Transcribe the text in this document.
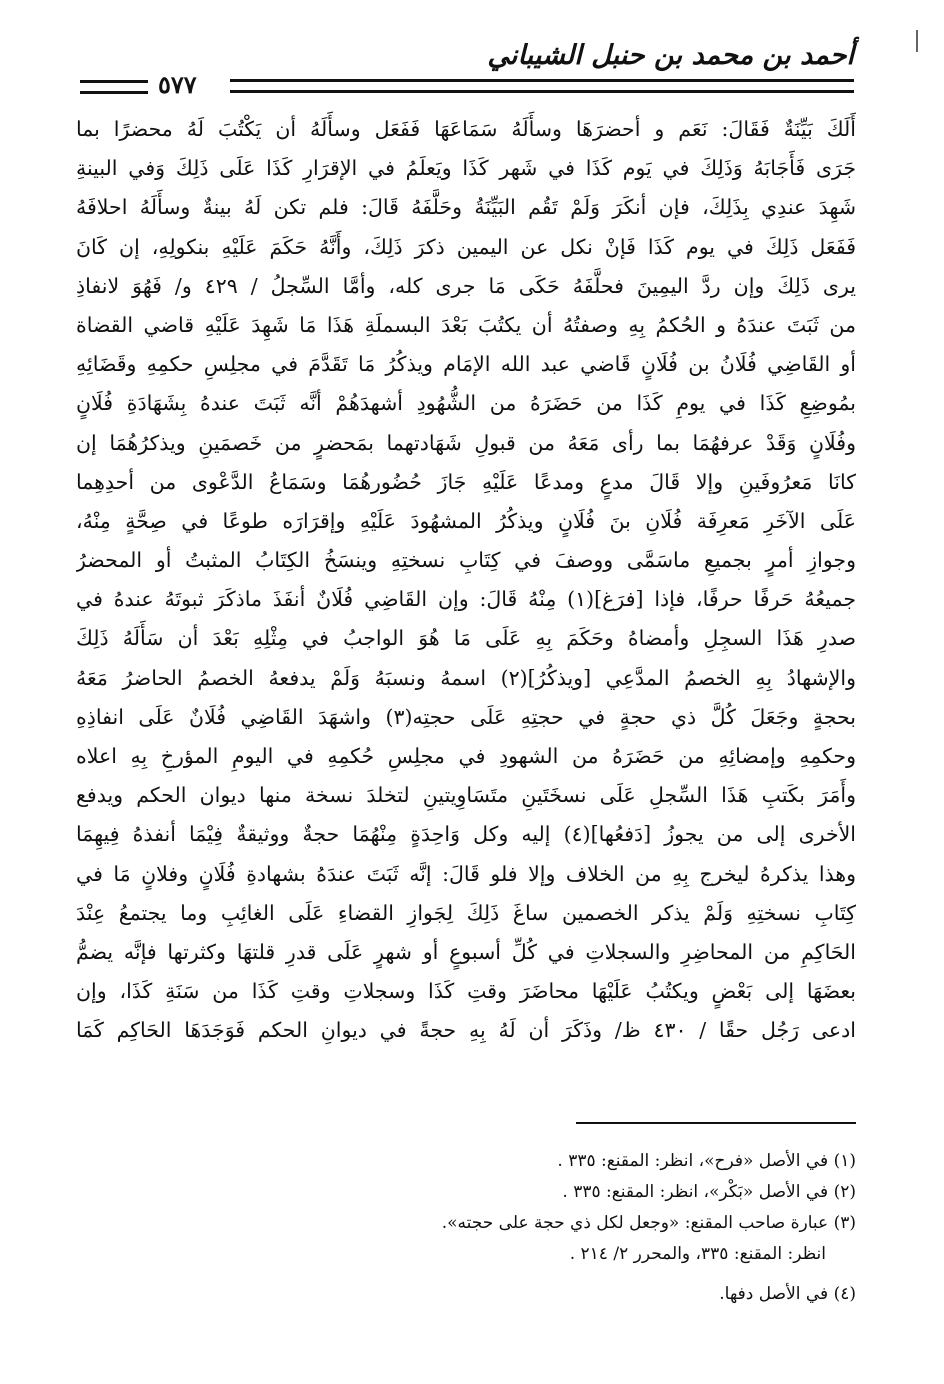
أحمد بن محمد بن حنبل الشيباني
٥٧٧
أَلَكَ بَيِّنَةٌ فَقَالَ: نَعَم و أحضرَهَا وسأَلَهُ سَمَاعَهَا فَفَعَل وسأَلَهُ أن يَكْتُبَ لَهُ محضرًا بما
جَرَى فَأَجَابَهُ وَذَلِكَ في يَوم كَذَا في شَهر كَذَا ويَعلَمُ في الإقرَارِ كَذَا عَلَى ذَلِكَ وَفي البينةِ
شَهِدَ عندِي بِذَلِكَ، فإن أنكَرَ وَلَمْ تَقُم البَيِّنَةُ وحَلَّفَهُ قَالَ: فلم تكن لَهُ بينةٌ وسأَلَهُ احلافَهُ
فَفَعَل ذَلِكَ في يوم كَذَا فَإنْ نكل عن اليمين ذكرَ ذَلِكَ، وأَنَّهُ حَكَمَ عَلَيْهِ بنكولِهِ، إن كَانَ
يرى ذَلِكَ وإن ردَّ اليمِينَ فحلَّفَهُ حَكَى مَا جرى كله، وأمَّا السِّجلُ / ٤٢٩ و/ فَهُوَ لانفاذِ
من ثَبَتَ عندَهُ و الحُكمُ بِهِ وصفتُهُ أن يكتُبَ بَعْدَ البسملَةِ هَذَا مَا شَهِدَ عَلَيْهِ قاضي القضاة
أو القَاضِي فُلَانُ بن فُلَانٍ قَاضي عبد الله الإمَام ويذكُرُ مَا تَقَدَّمَ في مجلِسِ حكمِهِ وقَضَائِهِ
بمُوضِعِ كَذَا في يومِ كَذَا من حَضَرَهُ من الشُّهُودِ أشهدَهُمْ أنَّه ثَبَتَ عندهُ بِشَهَادَةِ فُلَانٍ
وفُلَانٍ وَقَدْ عرفهُمَا بما رأى مَعَهُ من قبولِ شَهَادتهما بمَحضرٍ من خَصمَينِ ويذكرُهُمَا إن
كانَا مَعرُوفَينِ وإلا قَالَ مدعٍ ومدعًا عَلَيْهِ جَازَ حُضُورهُمَا وسَمَاعُ الدَّعْوى من أحدِهِما
عَلَى الآخَرِ مَعرِفَة فُلَانِ بنَ فُلَانٍ ويذكُرُ المشهُودَ عَلَيْهِ وإقرَارَه طوعًا في صِحَّةٍ مِنْهُ،
وجوازِ أمرٍ بجميعِ ماسَمَّى ووصفَ في كِتَابِ نسختِهِ وينسَخُ الكِتَابُ المثبتُ أو المحضرُ
جميعُهُ حَرفًا حرفًا، فإذا [فرَغ](١) مِنْهُ قَالَ: وإن القَاضِي فُلَانٌ أنفَذَ ماذكَرَ ثبوتَهُ عندهُ في
صدرِ هَذَا السجِلِ وأمضاهُ وحَكَمَ بِهِ عَلَى مَا هُوَ الواجبُ في مِثْلِهِ بَعْدَ أن سَأَلَهُ ذَلِكَ
والإشهادُ بِهِ الخصمُ المدَّعِي [ويذكُرُ](٢) اسمهُ ونسبَهُ وَلَمْ يدفعهُ الخصمُ الحاضرُ مَعَهُ
بحجةٍ وجَعَلَ كُلَّ ذي حجةٍ في حجتِهِ عَلَى حجتِه(٣) واشهَدَ القَاضِي فُلَانٌ عَلَى انفاذِهِ
وحكمِهِ وإمضائِهِ من حَضَرَهُ من الشهودِ في مجلِسِ حُكمِهِ في اليومِ المؤرخِ بِهِ اعلاه
وأَمَرَ بكَتبِ هَذَا السِّجلِ عَلَى نسخَتَينِ متَسَاوِيتينِ لتخلدَ نسخة منها ديوان الحكم ويدفع
الأخرى إلى من يجوزُ [دَفعُها](٤) إليه وكل وَاحِدَةٍ مِنْهُمَا حجةٌ ووثيقةٌ فِيْمَا أنفذهُ فِيهِمَا
وهذا يذكرهُ ليخرج بِهِ من الخلاف وإلا فلو قَالَ: إنَّه ثَبَتَ عندَهُ بشهادةِ فُلَانٍ وفلانٍ مَا في
كِتَابِ نسختِهِ وَلَمْ يذكر الخصمين ساغَ ذَلِكَ لِجَوازِ القضاءِ عَلَى الغائِبِ وما يجتمعُ عِنْدَ
الحَاكِمِ من المحاضِرِ والسجلاتِ في كُلِّ أسبوعٍ أو شهرٍ عَلَى قدرِ قلتهَا وكثرتها فإنَّه يضمُّ
بعضَهَا إلى بَعْضٍ ويكتُبُ عَلَيْهَا محاضَرَ وقتِ كَذَا وسجلاتِ وقتِ كَذَا من سَنَةِ كَذَا، وإن
ادعى رَجُل حقًا / ٤٣٠ ظ/ وذَكَرَ أن لَهُ بِهِ حجةً في ديوانِ الحكم فَوَجَدَهَا الحَاكِم كَمَا
(١) في الأصل «فرح»، انظر: المقنع: ٣٣٥ .
(٢) في الأصل «بَكْر»، انظر: المقنع: ٣٣٥ .
(٣) عبارة صاحب المقنع: «وجعل لكل ذي حجة على حجته».
انظر: المقنع: ٣٣٥، والمحرر ٢/ ٢١٤ .
(٤) في الأصل دفها.
